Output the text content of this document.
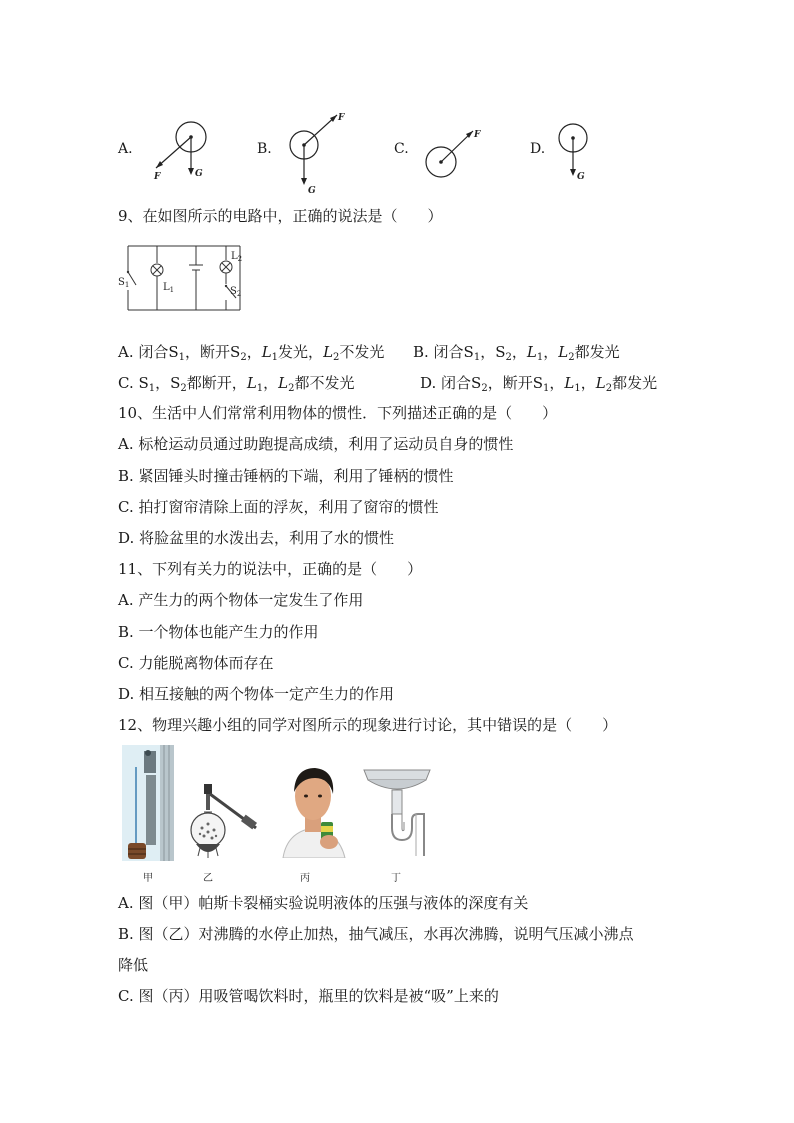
A.
F	G
B.
F
G
C.
F
D.
G
9、在如图所示的电路中，正确的说法是（　　）
$S_1$	$L_1$
$L_2$
$S_2$
A. 闭合$S_1$，断开$S_2$，$L_1$发光，$L_2$不发光 B. 闭合$S_1$，$S_2$，$L_1$，$L_2$都发光
C. $S_1$，$S_2$都断开，$L_1$，$L_2$都不发光	D. 闭合$S_2$，断开$S_1$，$L_1$，$L_2$都发光
10、生活中人们常常利用物体的惯性．下列描述正确的是（　　）
A. 标枪运动员通过助跑提高成绩，利用了运动员自身的惯性
B. 紧固锤头时撞击锤柄的下端，利用了锤柄的惯性
C. 拍打窗帘清除上面的浮灰，利用了窗帘的惯性
D. 将脸盆里的水泼出去，利用了水的惯性
11、下列有关力的说法中，正确的是（　　）
A. 产生力的两个物体一定发生了作用
B. 一个物体也能产生力的作用
C. 力能脱离物体而存在
D. 相互接触的两个物体一定产生力的作用
12、物理兴趣小组的同学对图所示的现象进行讨论，其中错误的是（　　）
甲	乙	丙	丁
A. 图（甲）帕斯卡裂桶实验说明液体的压强与液体的深度有关
B. 图（乙）对沸腾的水停止加热，抽气减压，水再次沸腾，说明气压减小沸点
降低
C. 图（丙）用吸管喝饮料时，瓶里的饮料是被“吸”上来的
